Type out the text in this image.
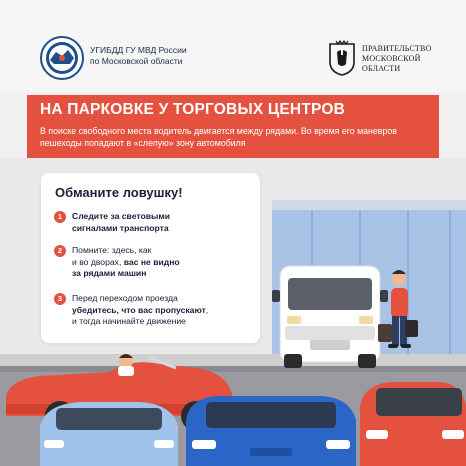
УГИБДД ГУ МВД России
по Московской области
ПРАВИТЕЛЬСТВО
МОСКОВСКОЙ
ОБЛАСТИ
НА ПАРКОВКЕ У ТОРГОВЫХ ЦЕНТРОВ
В поиске свободного места водитель двигается между рядами. Во время его маневров пешеходы попадают в «слепую» зону автомобиля
Обманите ловушку!
1	Следите за световыми
сигналами транспорта
2	Помните: здесь, как
и во дворах, вас не видно
за рядами машин
3	Перед переходом проезда
убедитесь, что вас пропускают,
и тогда начинайте движение
